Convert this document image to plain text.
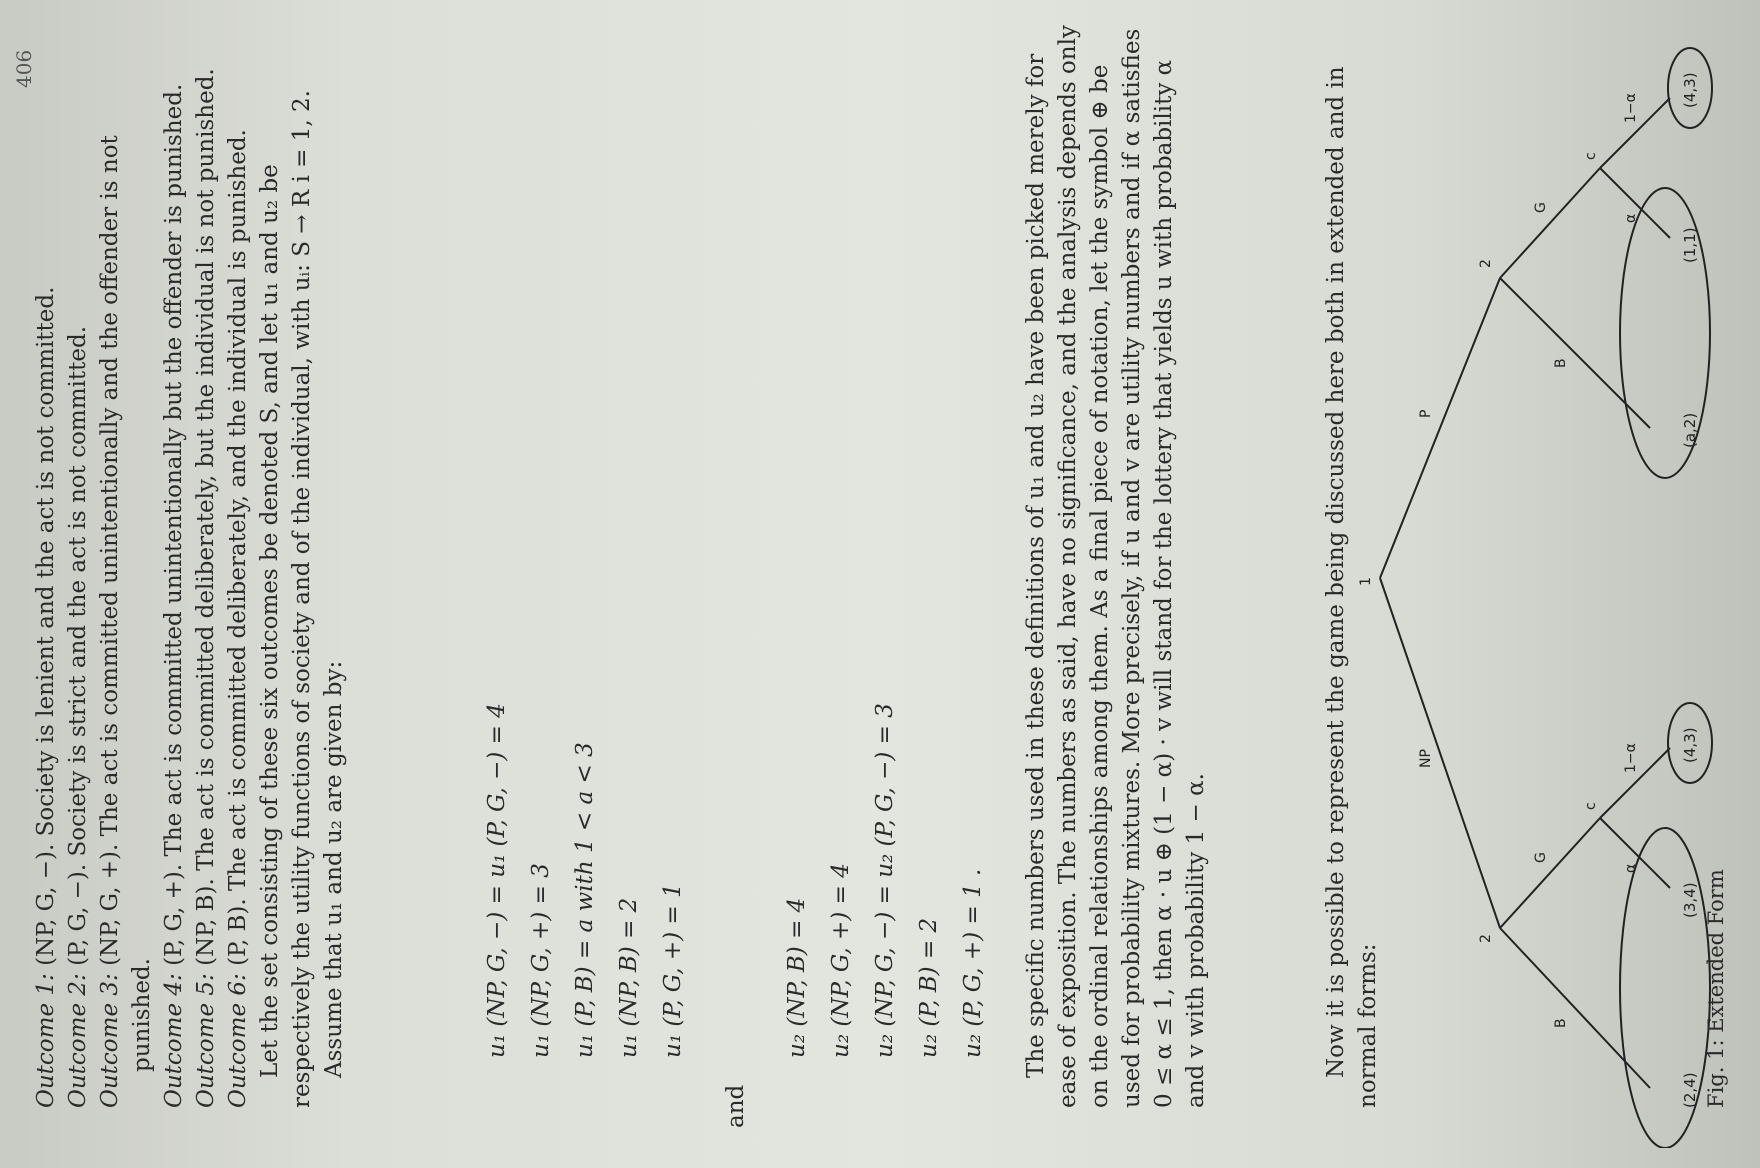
406

Outcome 1: (NP, G, −). Society is lenient and the act is not committed.

Outcome 2: (P, G, −). Society is strict and the act is not committed.

Outcome 3: (NP, G, +). The act is committed unintentionally and the offender is not punished. Outcome 4: (P, G, +). The act is committed unintentionally but the offender is punished.

Outcome 5: (NP, B). The act is committed deliberately, but the individual is not punished.

Outcome 6: (P, B). The act is committed deliberately, and the individual is punished. Let the set consisting of these six outcomes be denoted S, and let u₁ and u₂ be respectively the utility functions of society and of the individual, with uᵢ: S → R i = 1, 2. Assume that u₁ and u₂ are given by:	u₁ (NP, G, −) = u₁ (P, G, −) = 4 u₁ (NP, G, +) = 3 u₁ (P, B) = a with 1 < a < 3 u₁ (NP, B) = 2 u₁ (P, G, +) = 1

and

u₂ (NP, B) = 4 u₂ (NP, G, +) = 4 u₂ (NP, G, −) = u₂ (P, G, −) = 3 u₂ (P, B) = 2 u₂ (P, G, +) = 1 .	The specific numbers used in these definitions of u₁ and u₂ have been picked merely for ease of exposition. The numbers as said, have no significance, and the analysis depends only on the ordinal relationships among them. As a final piece of notation, let the symbol ⊕ be used for probability mixtures. More precisely, if u and v are utility numbers and if α satisfies 0 ≤ α ≤ 1, then α · u ⊕ (1 − α) · v will stand for the lottery that yields u with probability α and v with probability 1 − α.	Now it is possible to represent the game being discussed here both in extended and in normal forms:

1
NP
P
2
2
B
G
B
G
c
c
α
α
1−α
1−α
(2,4)
(3,4)
(4,3)
(a,2)
(1,1)
(4,3)
Fig. 1: Extended Form
